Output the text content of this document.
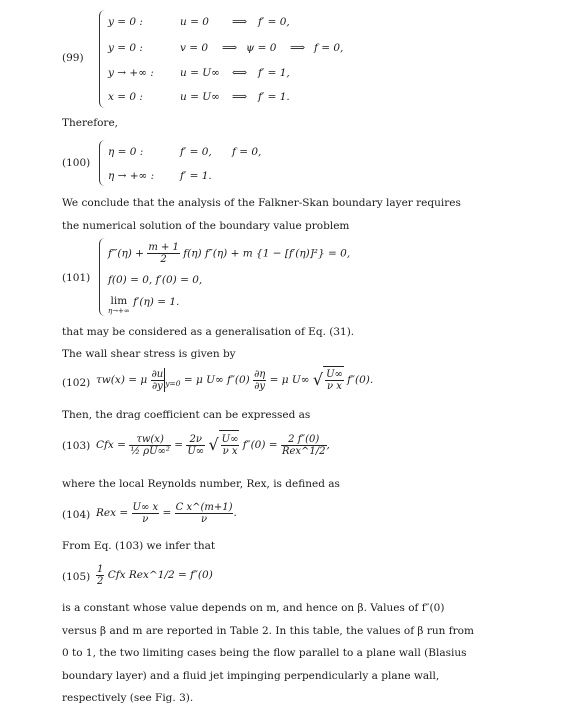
(99)
y = 0 :	u = 0 ⟹ f′ = 0,
y = 0 :	v = 0 ⟹ ψ = 0 ⟹ f = 0,
y → +∞ : u = U∞ ⟺ f′ = 1,
x = 0 :	u = U∞ ⟹ f′ = 1.
Therefore,
(100)
η = 0 :	f′ = 0, f = 0,
η → +∞ : f′ = 1.
We conclude that the analysis of the Falkner-Skan boundary layer requires the numerical solution of the boundary value problem
(101)
f‴(η) + $\frac{m + 1}{2} f(\eta) f''(\eta) + m$ {1 − [f′(η)]²} = 0,
f(0) = 0, f′(0) = 0,
lim
η→+∞
f′(η) = 1.
that may be considered as a generalisation of Eq. (31).
The wall shear stress is given by
(102) τw(x) = μ $\frac{\partial u}{\partial y} _{y=0} = \mu$ U∞ $f''(0) \frac{\partial\eta}{\partial y} = \mu$ U∞ √ $\frac{U\infty}{\text{ν x}} f''(0)$.
Then, the drag coefficient can be expressed as
(103) Cfx = $\frac{\tau w(x)}{\text{½ ρU∞²}} = \frac{2\nu}{U\infty}$ √ $\frac{U\infty}{\text{ν x}} f''(0) = \frac{2 f''(0)}{\text{Rex\textasciicircum{}1/2}}$ ,
where the local Reynolds number, Rex, is defined as
(104) Rex = $\frac{U\infty x}{\nu} = \frac{\text{C x\textasciicircum{}(m+1)}}{\nu}$ .
From Eq. (103) we infer that
$(105) \frac{1}{2}$ Cfx Rex^1/2 = f″(0)
is a constant whose value depends on m, and hence on β. Values of f″(0) versus β and m are reported in Table 2. In this table, the values of β run from 0 to 1, the two limiting cases being the flow parallel to a plane wall (Blasius boundary layer) and a fluid jet impinging perpendicularly a plane wall, respectively (see Fig. 3).
